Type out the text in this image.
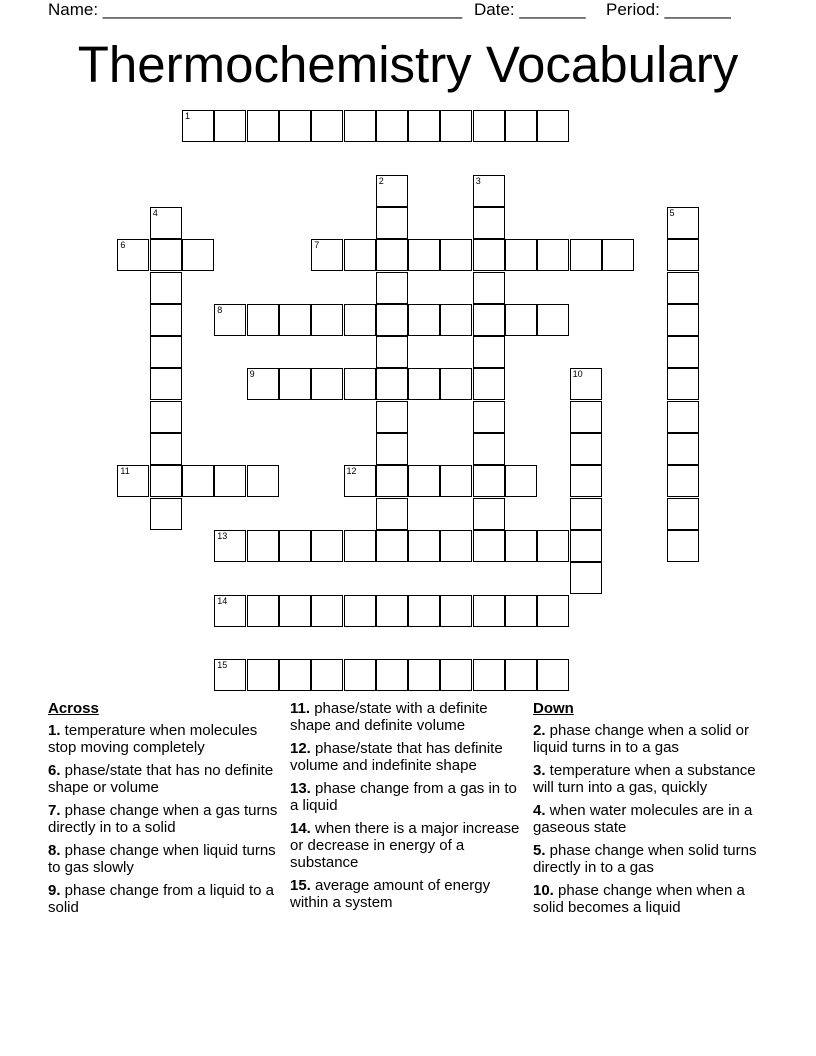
Name: ______________________________________ Date: _______ Period: _______
Thermochemistry Vocabulary
1
6	7
8
9
11	12
13
14
15
2	3
4	5
10
Across
1. temperature when molecules stop moving completely
6. phase/state that has no definite shape or volume
7. phase change when a gas turns directly in to a solid
8. phase change when liquid turns to gas slowly
9. phase change from a liquid to a solid
11. phase/state with a definite shape and definite volume
12. phase/state that has definite volume and indefinite shape
13. phase change from a gas in to a liquid
14. when there is a major increase or decrease in energy of a substance
15. average amount of energy within a system
Down
2. phase change when a solid or liquid turns in to a gas
3. temperature when a substance will turn into a gas, quickly
4. when water molecules are in a gaseous state
5. phase change when solid turns directly in to a gas
10. phase change when when a solid becomes a liquid
